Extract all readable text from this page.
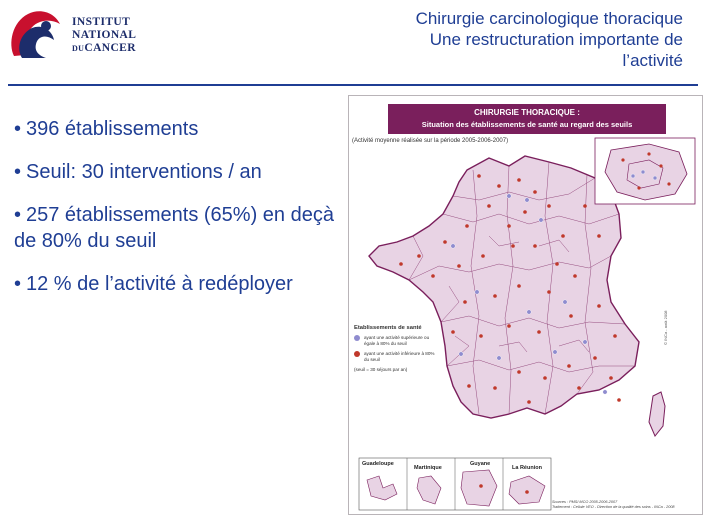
INSTITUT
NATIONAL
DUCANCER
Chirurgie carcinologique thoracique
Une restructuration importante de
l’activité
• 396 établissements
• Seuil: 30 interventions / an
• 257 établissements (65%) en deçà de 80% du seuil
• 12 % de l’activité à redéployer
CHIRURGIE THORACIQUE :
Situation des établissements de santé au regard des seuils
(Activité moyenne réalisée sur la période 2005-2006-2007)
Etablissements de santé
ayant une activité supérieure ou égale à 80% du seuil
ayant une activité inférieure à 80% du seuil
(seuil = 30 séjours par an)
Guadeloupe
Martinique
Guyane
La Réunion
Sources : PMSI MCO 2005-2006-2007
Traitement : Cellule VEO - Direction de la qualité des soins - INCa - 2008
© INCa - août 2008
